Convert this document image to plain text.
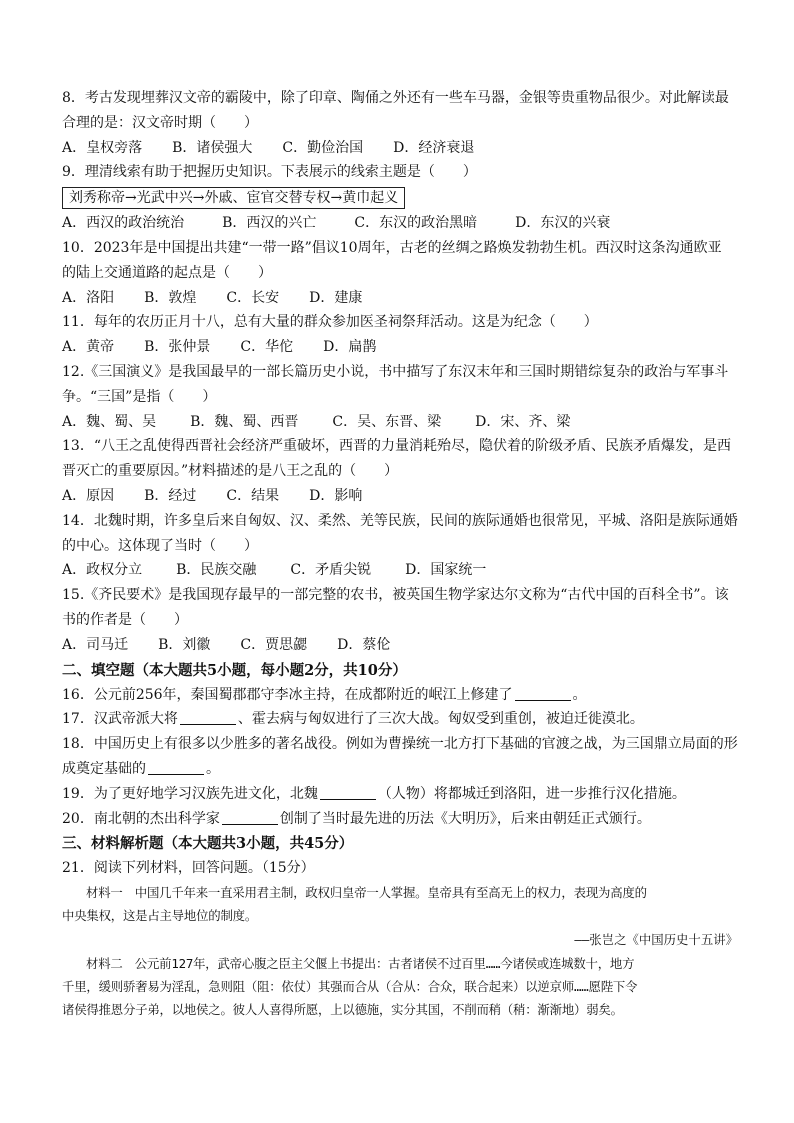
8．考古发现埋葬汉文帝的霸陵中，除了印章、陶俑之外还有一些车马器，金银等贵重物品很少。对此解读最
合理的是：汉文帝时期（　　）
A．皇权旁落 B．诸侯强大 C．勤俭治国 D．经济衰退
9．理清线索有助于把握历史知识。下表展示的线索主题是（　　）
刘秀称帝→光武中兴→外戚、宦官交替专权→黄巾起义
A．西汉的政治统治	B．西汉的兴亡	C．东汉的政治黑暗	D．东汉的兴衰
10．2023年是中国提出共建“一带一路”倡议10周年，古老的丝绸之路焕发勃勃生机。西汉时这条沟通欧亚
的陆上交通道路的起点是（　　）
A．洛阳 B．敦煌 C．长安 D．建康
11．每年的农历正月十八，总有大量的群众参加医圣祠祭拜活动。这是为纪念（　　）
A．黄帝 B．张仲景 C．华佗 D．扁鹊
12.《三国演义》是我国最早的一部长篇历史小说，书中描写了东汉末年和三国时期错综复杂的政治与军事斗
争。“三国”是指（　　）
A．魏、蜀、吴 B．魏、蜀、西晋 C．吴、东晋、梁 D．宋、齐、梁
13．“八王之乱使得西晋社会经济严重破坏，西晋的力量消耗殆尽，隐伏着的阶级矛盾、民族矛盾爆发，是西
晋灭亡的重要原因。”材料描述的是八王之乱的（　　）
A．原因 B．经过 C．结果 D．影响
14．北魏时期，许多皇后来自匈奴、汉、柔然、羌等民族，民间的族际通婚也很常见，平城、洛阳是族际通婚
的中心。这体现了当时（　　）
A．政权分立 B．民族交融 C．矛盾尖锐 D．国家统一
15.《齐民要术》是我国现存最早的一部完整的农书，被英国生物学家达尔文称为“古代中国的百科全书”。该
书的作者是（　　）
A．司马迁 B．刘徽 C．贾思勰 D．蔡伦
二、填空题（本大题共5小题，每小题2分，共10分）
16．公元前256年，秦国蜀郡郡守李冰主持，在成都附近的岷江上修建了	。
17．汉武帝派大将	、霍去病与匈奴进行了三次大战。匈奴受到重创，被迫迁徙漠北。
18．中国历史上有很多以少胜多的著名战役。例如为曹操统一北方打下基础的官渡之战，为三国鼎立局面的形
成奠定基础的	。
19．为了更好地学习汉族先进文化，北魏	（人物）将都城迁到洛阳，进一步推行汉化措施。
20．南北朝的杰出科学家	创制了当时最先进的历法《大明历》，后来由朝廷正式颁行。
三、材料解析题（本大题共3小题，共45分）
21．阅读下列材料，回答问题。（15分）
材料一　中国几千年来一直采用君主制，政权归皇帝一人掌握。皇帝具有至高无上的权力，表现为高度的
中央集权，这是占主导地位的制度。
——张岂之《中国历史十五讲》
材料二　公元前127年，武帝心腹之臣主父偃上书提出：古者诸侯不过百里……今诸侯或连城数十，地方
千里，缓则骄奢易为淫乱，急则阻（阻：依仗）其强而合从（合从：合众，联合起来）以逆京师……愿陛下令
诸侯得推恩分子弟，以地侯之。彼人人喜得所愿，上以德施，实分其国，不削而稍（稍：渐渐地）弱矣。
